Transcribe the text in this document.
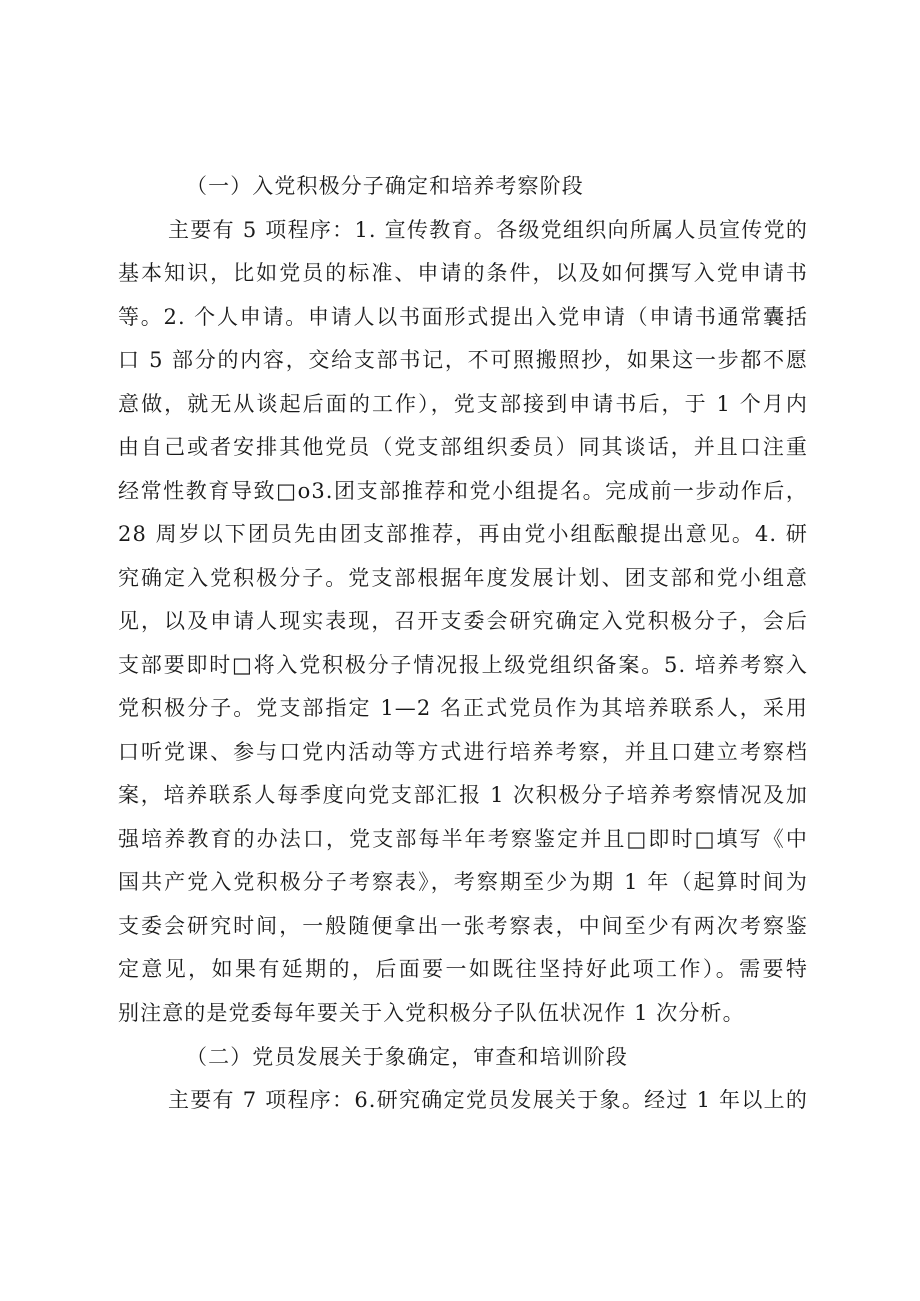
（一）入党积极分子确定和培养考察阶段
主要有 5 项程序：1. 宣传教育。各级党组织向所属人员宣传党的
基本知识，比如党员的标准、申请的条件，以及如何撰写入党申请书
等。2. 个人申请。申请人以书面形式提出入党申请（申请书通常囊括
口 5 部分的内容，交给支部书记，不可照搬照抄，如果这一步都不愿
意做，就无从谈起后面的工作），党支部接到申请书后，于 1 个月内
由自己或者安排其他党员（党支部组织委员）同其谈话，并且口注重
经常性教育导致□o3.团支部推荐和党小组提名。完成前一步动作后，
28 周岁以下团员先由团支部推荐，再由党小组酝酿提出意见。4. 研
究确定入党积极分子。党支部根据年度发展计划、团支部和党小组意
见，以及申请人现实表现，召开支委会研究确定入党积极分子，会后
支部要即时□将入党积极分子情况报上级党组织备案。5. 培养考察入
党积极分子。党支部指定 1—2 名正式党员作为其培养联系人，采用
口听党课、参与口党内活动等方式进行培养考察，并且口建立考察档
案，培养联系人每季度向党支部汇报 1 次积极分子培养考察情况及加
强培养教育的办法口，党支部每半年考察鉴定并且□即时□填写《中
国共产党入党积极分子考察表》，考察期至少为期 1 年（起算时间为
支委会研究时间，一般随便拿出一张考察表，中间至少有两次考察鉴
定意见，如果有延期的，后面要一如既往坚持好此项工作）。需要特
别注意的是党委每年要关于入党积极分子队伍状况作 1 次分析。
（二）党员发展关于象确定，审查和培训阶段
主要有 7 项程序：6.研究确定党员发展关于象。经过 1 年以上的
